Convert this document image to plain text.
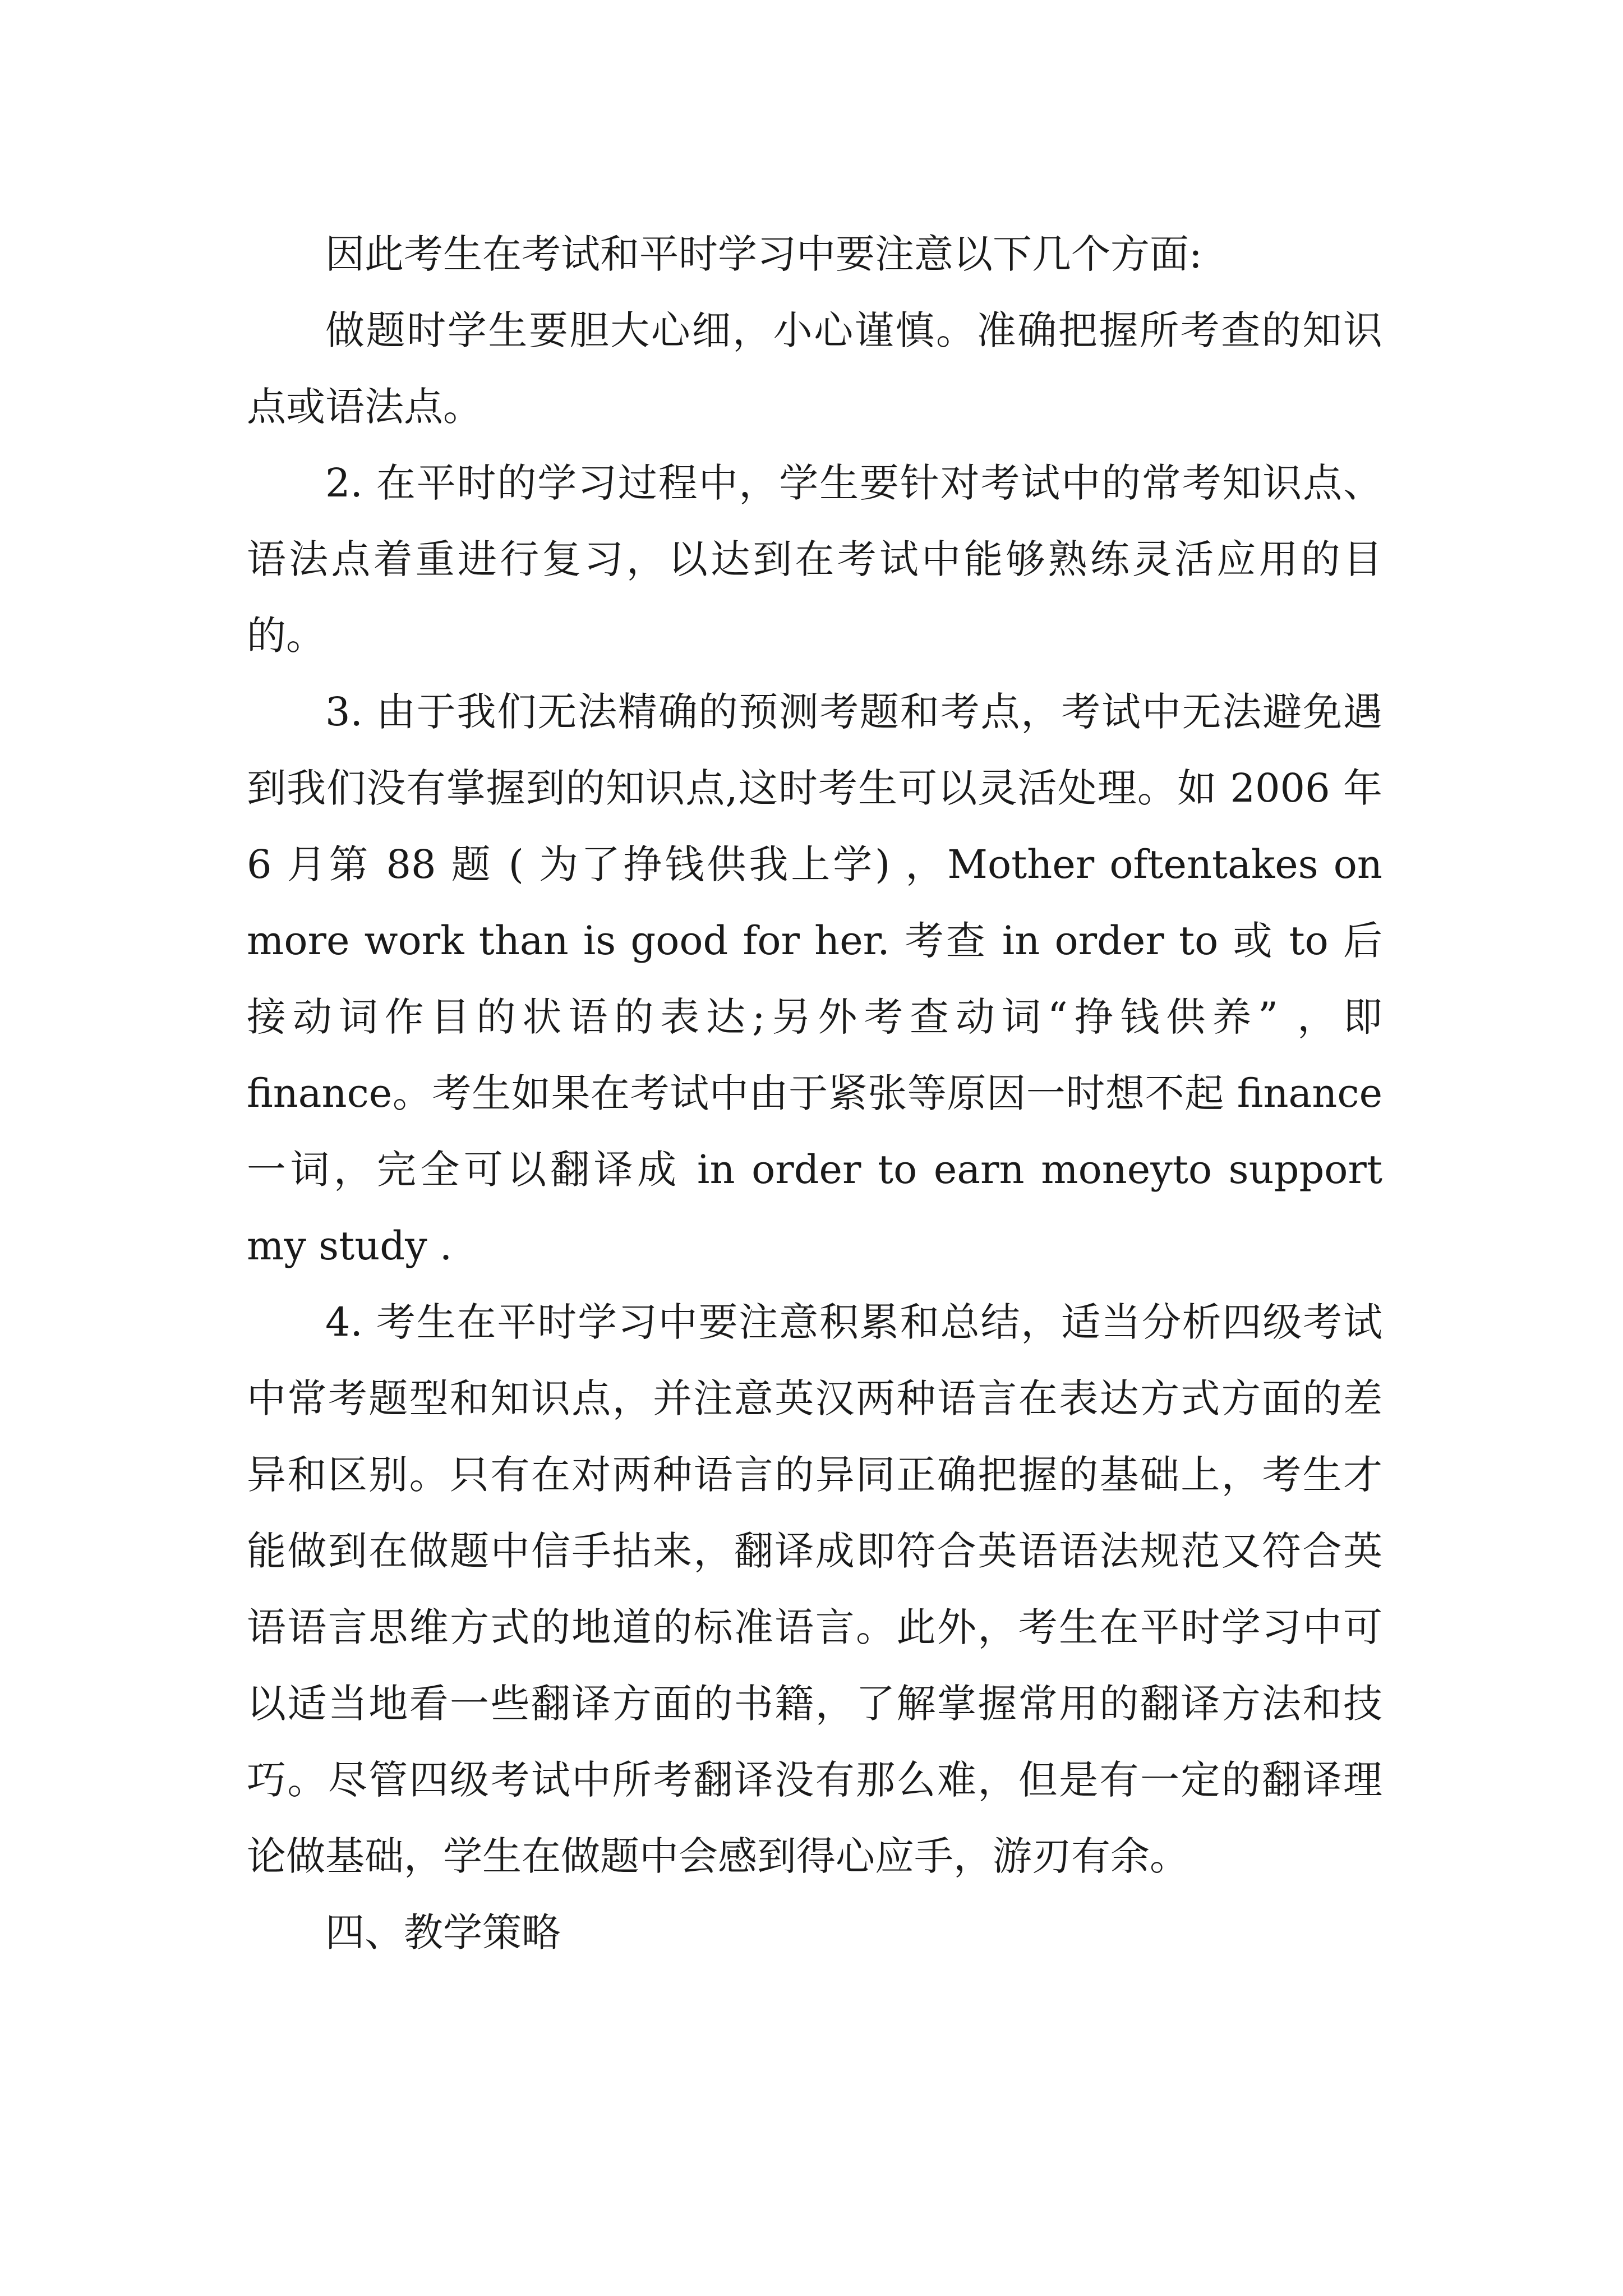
因此考生在考试和平时学习中要注意以下几个方面:

做题时学生要胆大心细，小心谨慎。准确把握所考查的知识点或语法点。

2. 在平时的学习过程中，学生要针对考试中的常考知识点、语法点着重进行复习，以达到在考试中能够熟练灵活应用的目的。

3. 由于我们无法精确的预测考题和考点，考试中无法避免遇到我们没有掌握到的知识点,这时考生可以灵活处理。如 2006 年 6 月第 88 题 ( 为了挣钱供我上学) ，Mother oftentakes on more work than is good for her. 考查 in order to 或 to 后接动词作目的状语的表达;另外考查动词“挣钱供养” ，即 finance。考生如果在考试中由于紧张等原因一时想不起 finance 一词，完全可以翻译成 in order to earn moneyto support my study .

4. 考生在平时学习中要注意积累和总结，适当分析四级考试中常考题型和知识点，并注意英汉两种语言在表达方式方面的差异和区别。只有在对两种语言的异同正确把握的基础上，考生才能做到在做题中信手拈来，翻译成即符合英语语法规范又符合英语语言思维方式的地道的标准语言。此外，考生在平时学习中可以适当地看一些翻译方面的书籍，了解掌握常用的翻译方法和技巧。尽管四级考试中所考翻译没有那么难，但是有一定的翻译理论做基础，学生在做题中会感到得心应手，游刃有余。

四、教学策略
